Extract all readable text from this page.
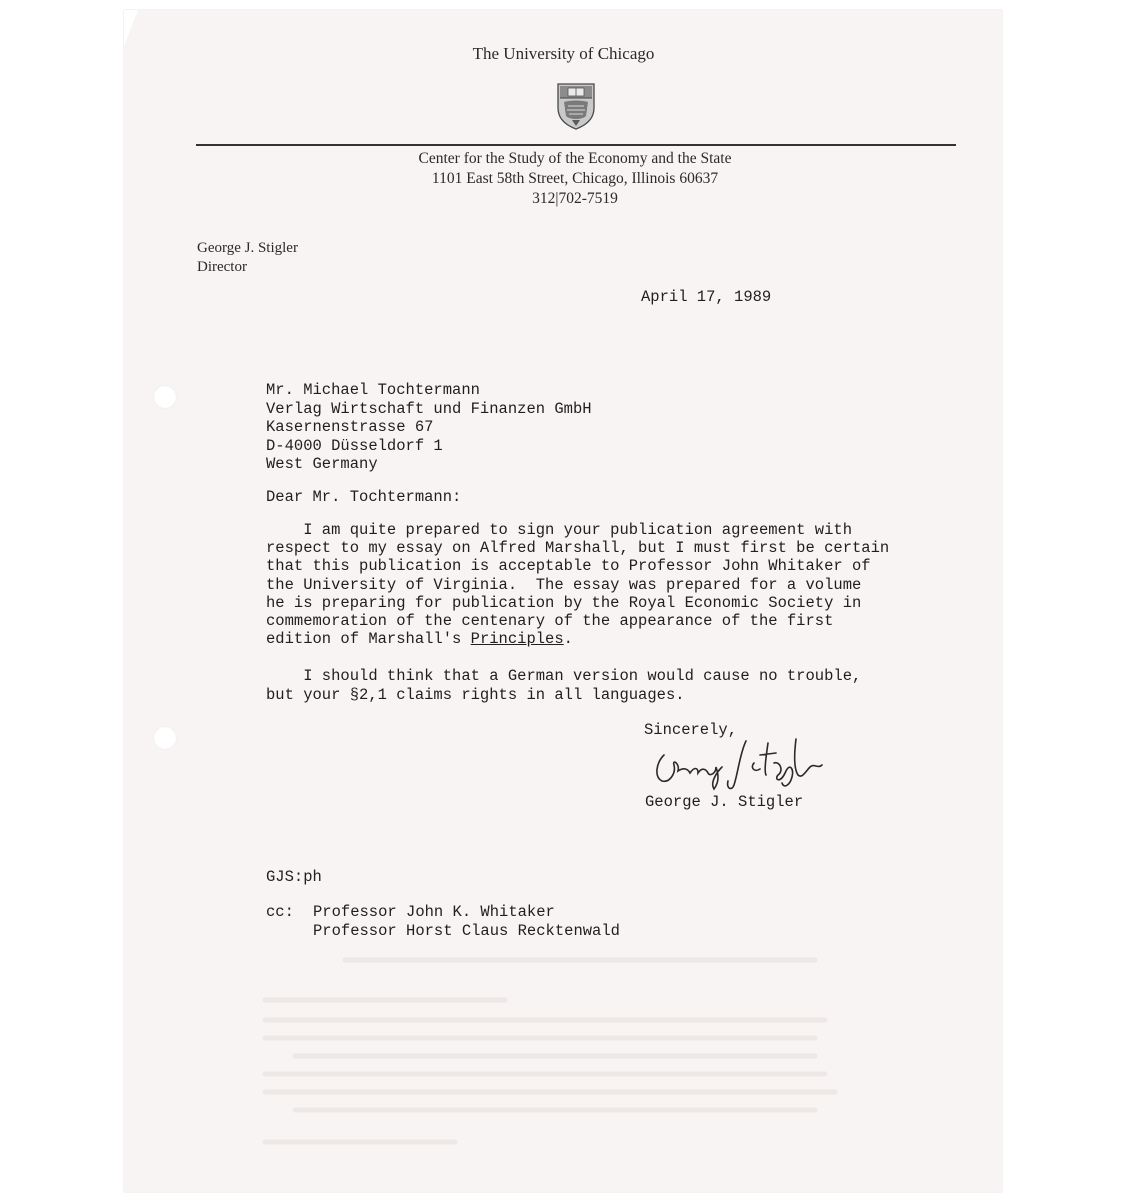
The University of Chicago
Center for the Study of the Economy and the State
1101 East 58th Street, Chicago, Illinois 60637
312|702-7519
George J. Stigler
Director
April 17, 1989
Mr. Michael Tochtermann
Verlag Wirtschaft und Finanzen GmbH
Kasernenstrasse 67
D-4000 Düsseldorf 1
West Germany
Dear Mr. Tochtermann:
I am quite prepared to sign your publication agreement with
respect to my essay on Alfred Marshall, but I must first be certain
that this publication is acceptable to Professor John Whitaker of
the University of Virginia.  The essay was prepared for a volume
he is preparing for publication by the Royal Economic Society in
commemoration of the centenary of the appearance of the first
edition of Marshall's Principles.
I should think that a German version would cause no trouble,
but your §2,1 claims rights in all languages.
Sincerely,
George J. Stigler
GJS:ph
cc: Professor John K. Whitaker
Professor Horst Claus Recktenwald
